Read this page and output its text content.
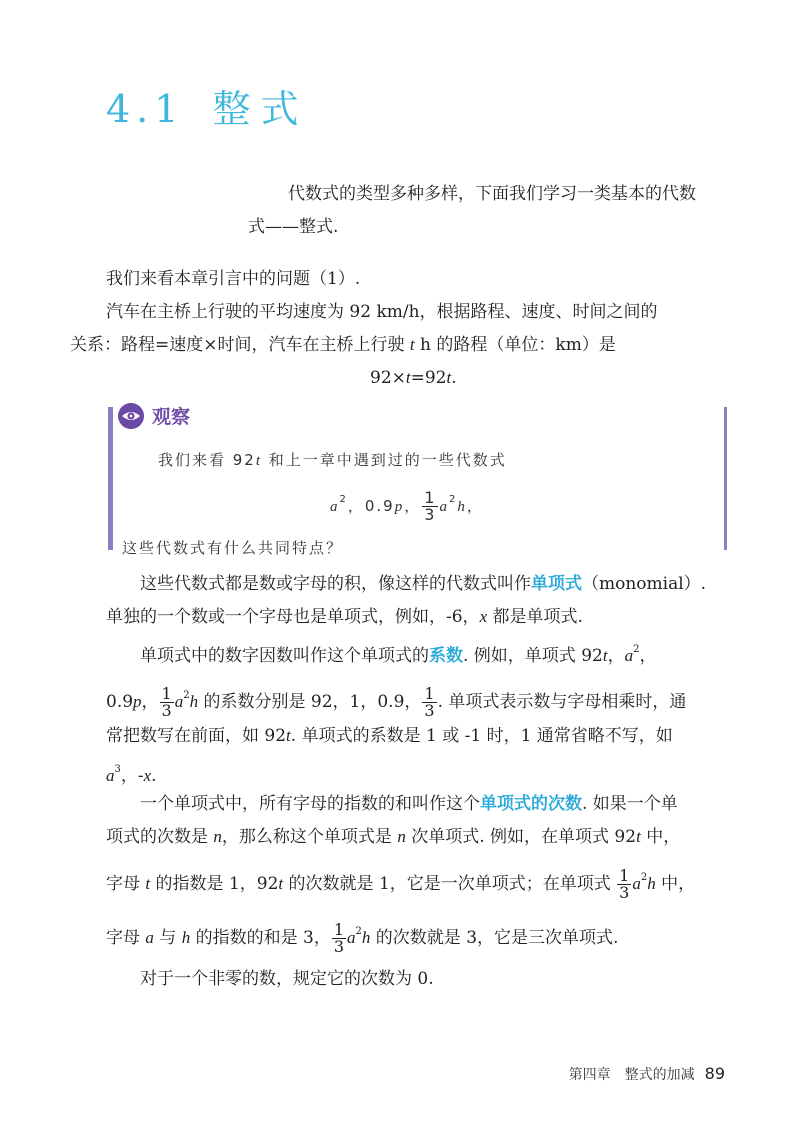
4.1 整式
代数式的类型多种多样，下面我们学习一类基本的代数
式——整式.
我们来看本章引言中的问题（1）.
汽车在主桥上行驶的平均速度为 92 km/h，根据路程、速度、时间之间的
关系：路程=速度×时间，汽车在主桥上行驶 t h 的路程（单位：km）是
92×t=92t.
观察
我们来看 92t 和上一章中遇到过的一些代数式
$a^2$，0.9p， $\frac{1}{3} a^2h$，
这些代数式有什么共同特点？
这些代数式都是数或字母的积，像这样的代数式叫作单项式（monomial）.
单独的一个数或一个字母也是单项式，例如，-6，x 都是单项式.
单项式中的数字因数叫作这个单项式的系数. 例如，单项式 92t，$a^2$，
0.9p， $\frac{1}{3} a^2h$ 的系数分别是 92，1，0.9， $\frac{1}{3}$ . 单项式表示数与字母相乘时，通
常把数写在前面，如 92t. 单项式的系数是 1 或 -1 时，1 通常省略不写，如
$a^3$，-x.
一个单项式中，所有字母的指数的和叫作这个单项式的次数. 如果一个单
项式的次数是 n，那么称这个单项式是 n 次单项式. 例如，在单项式 92t 中，
字母 t 的指数是 1，92t 的次数就是 1，它是一次单项式；在单项式 $\frac{1}{3} a^2h$ 中，
字母 a 与 h 的指数的和是 3， $\frac{1}{3} a^2h$ 的次数就是 3，它是三次单项式.
对于一个非零的数，规定它的次数为 0.
第四章　整式的加减 89
